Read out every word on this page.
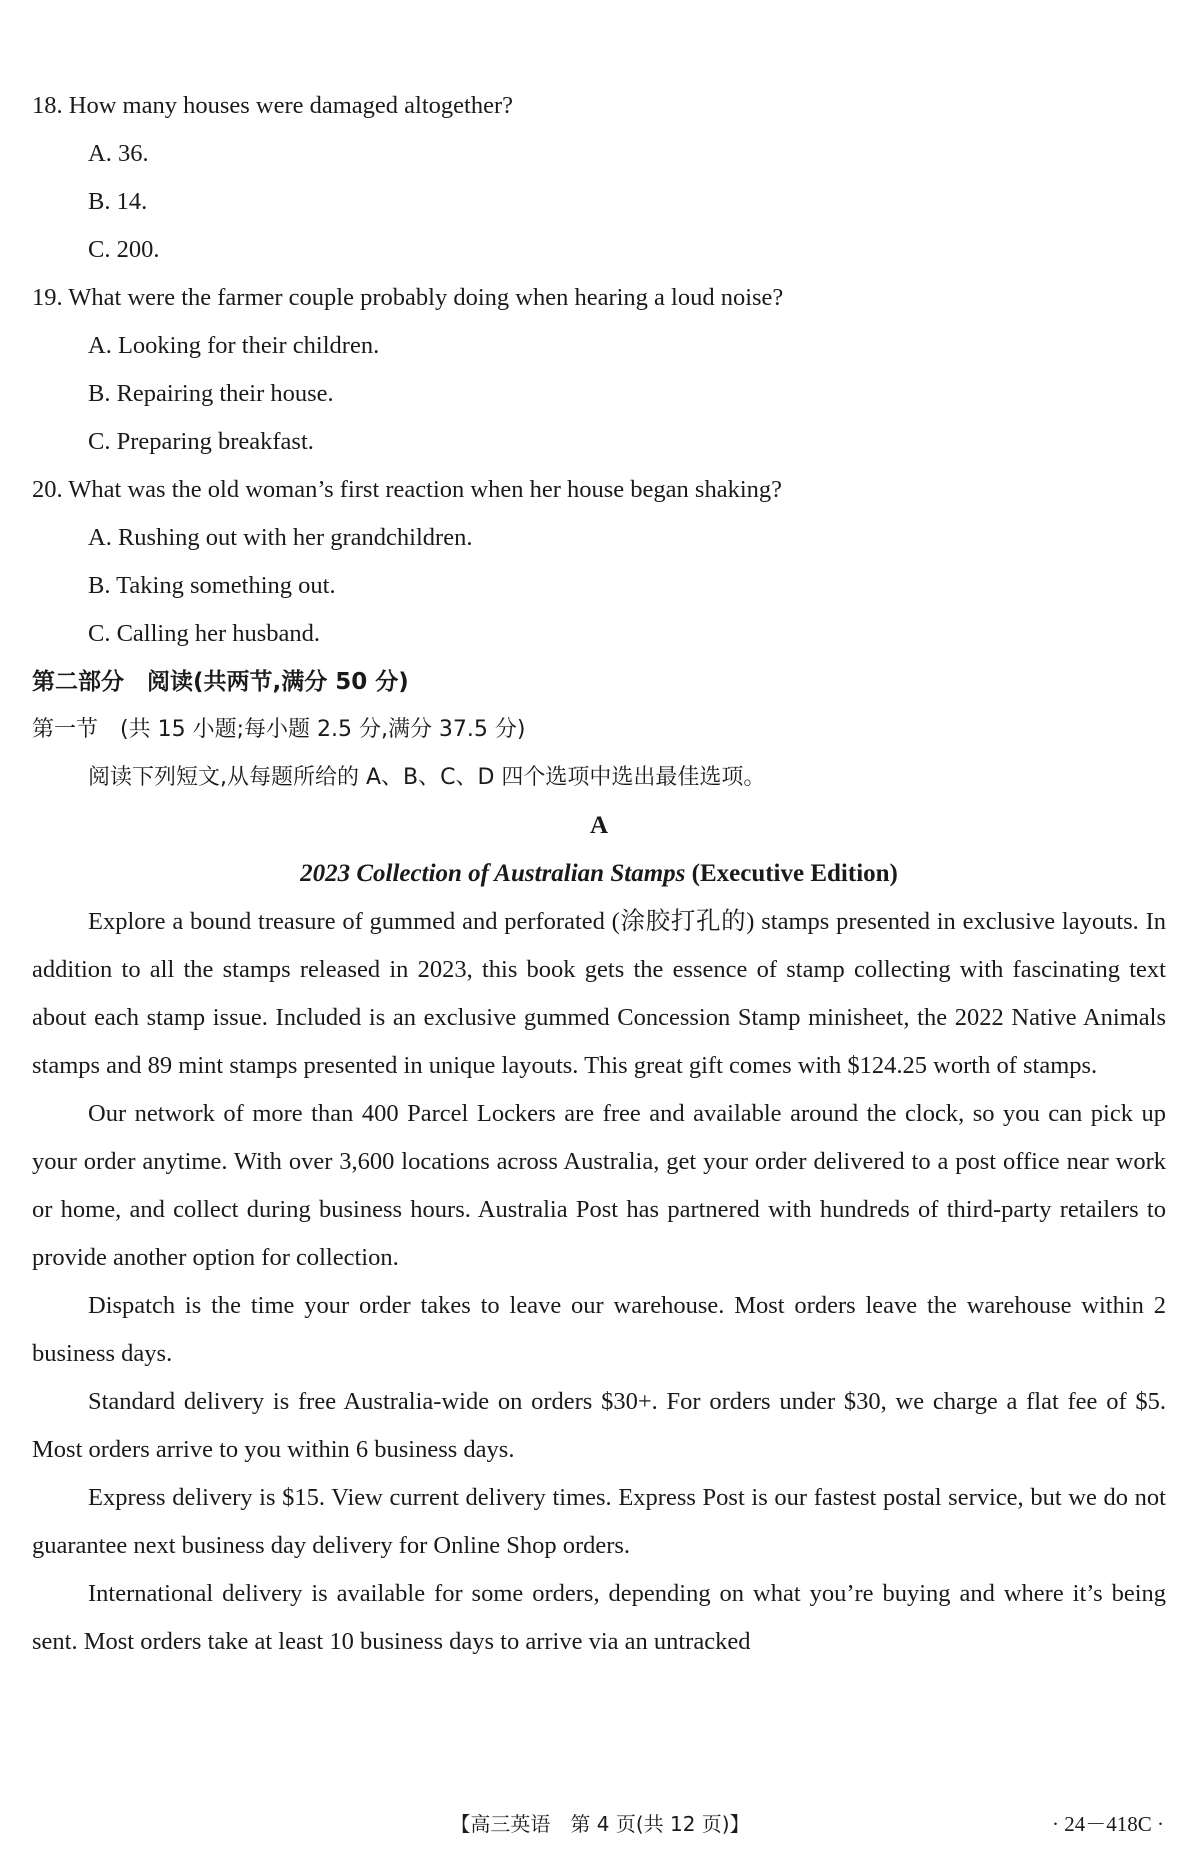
18. How many houses were damaged altogether?
A. 36.
B. 14.
C. 200.
19. What were the farmer couple probably doing when hearing a loud noise?
A. Looking for their children.
B. Repairing their house.
C. Preparing breakfast.
20. What was the old woman’s first reaction when her house began shaking?
A. Rushing out with her grandchildren.
B. Taking something out.
C. Calling her husband.
第二部分　阅读(共两节,满分 50 分)
第一节　(共 15 小题;每小题 2.5 分,满分 37.5 分)
阅读下列短文,从每题所给的 A、B、C、D 四个选项中选出最佳选项。
A
2023 Collection of Australian Stamps (Executive Edition)

Explore a bound treasure of gummed and perforated (涂胶打孔的) stamps presented in exclusive layouts. In addition to all the stamps released in 2023, this book gets the essence of stamp collecting with fascinating text about each stamp issue. Included is an exclusive gummed Concession Stamp minisheet, the 2022 Native Animals stamps and 89 mint stamps presented in unique layouts. This great gift comes with $124.25 worth of stamps.

Our network of more than 400 Parcel Lockers are free and available around the clock, so you can pick up your order anytime. With over 3,600 locations across Australia, get your order delivered to a post office near work or home, and collect during business hours. Australia Post has partnered with hundreds of third-party retailers to provide another option for collection.

Dispatch is the time your order takes to leave our warehouse. Most orders leave the warehouse within 2 business days.

Standard delivery is free Australia-wide on orders $30+. For orders under $30, we charge a flat fee of $5. Most orders arrive to you within 6 business days.

Express delivery is $15. View current delivery times. Express Post is our fastest postal service, but we do not guarantee next business day delivery for Online Shop orders.

International delivery is available for some orders, depending on what you’re buying and where it’s being sent. Most orders take at least 10 business days to arrive via an untracked

【高三英语　第 4 页(共 12 页)】	· 24－418C ·
